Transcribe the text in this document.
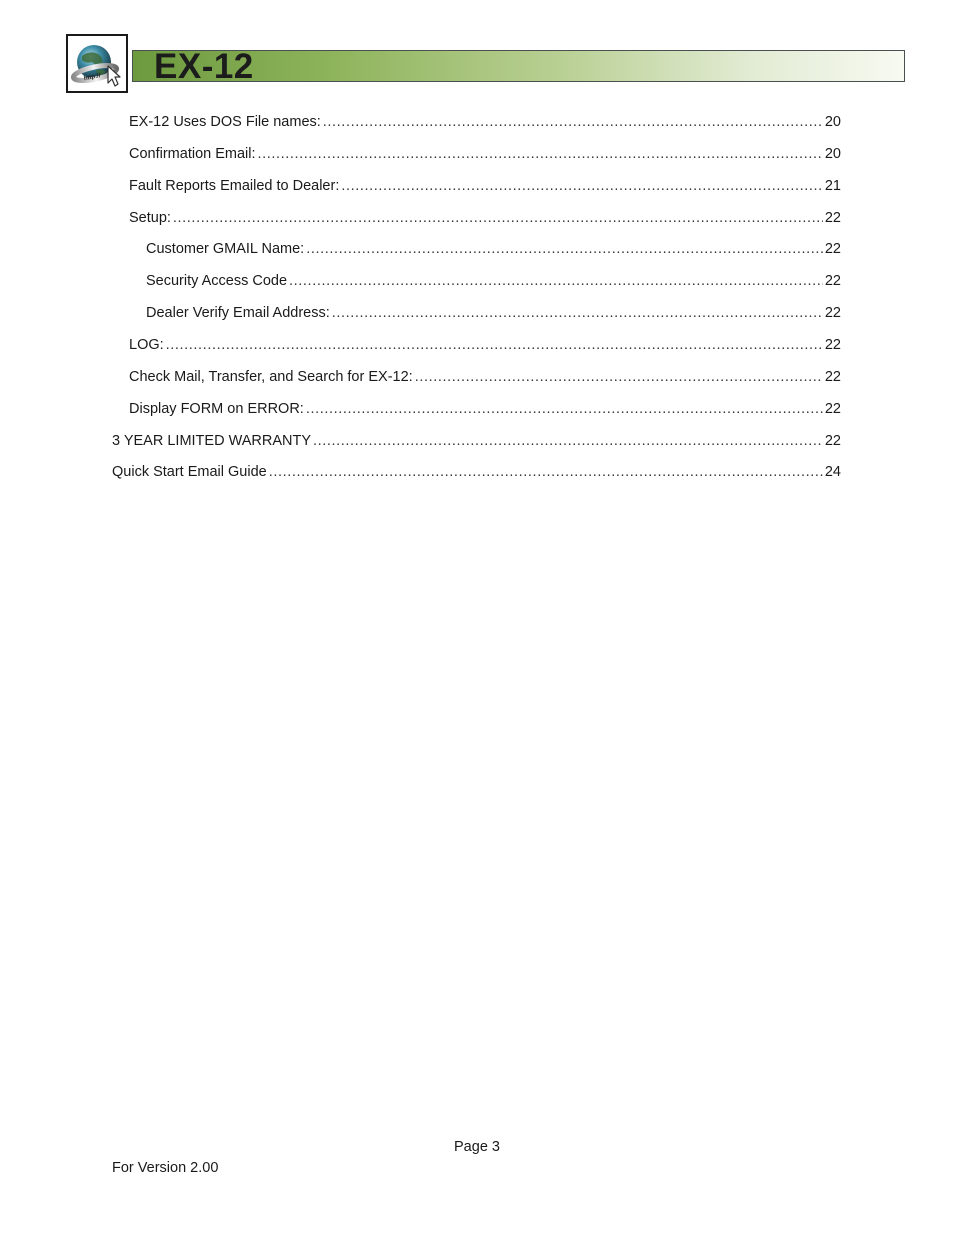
http:// EX-12
EX-12 Uses DOS File names: .....	20
Confirmation Email: .....	20
Fault Reports Emailed to Dealer: .....	21
Setup: .....	22
Customer GMAIL Name: .....	22
Security Access Code .....	22
Dealer Verify Email Address: .....	22
LOG: .....	22
Check Mail, Transfer, and Search for EX-12: .....	22
Display FORM on ERROR: .....	22
3 YEAR LIMITED WARRANTY .....	22
Quick Start Email Guide .....	24
Page 3
For Version 2.00
